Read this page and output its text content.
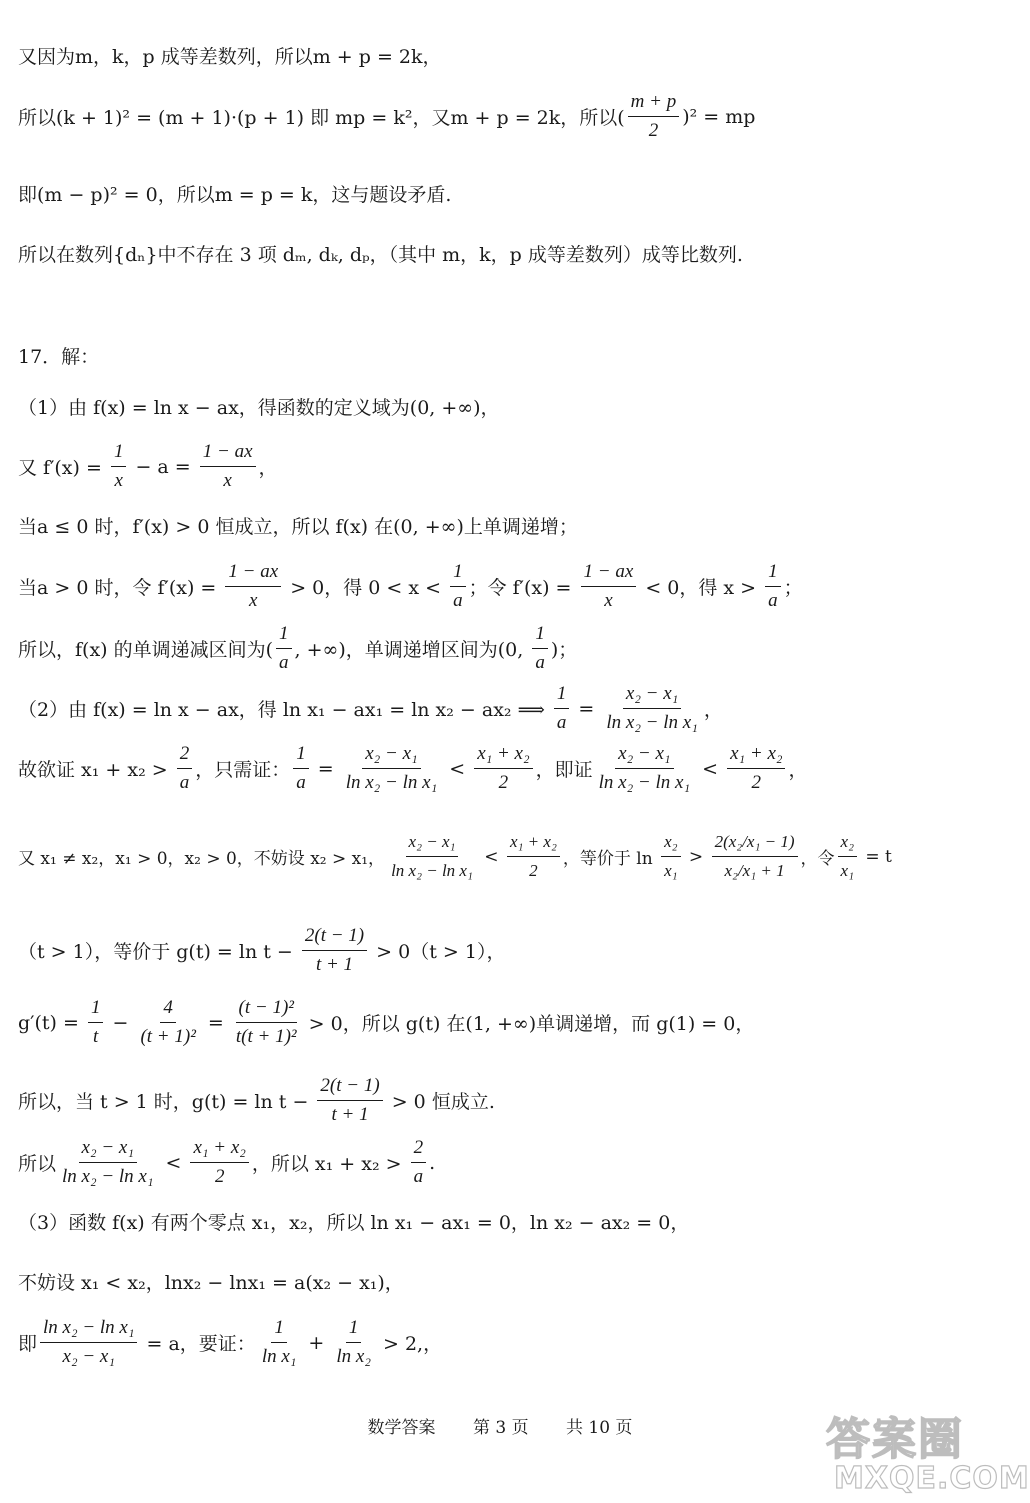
又因为m，k，p 成等差数列，所以m + p = 2k，
所以(k + 1)² = (m + 1)·(p + 1) 即 mp = k²，又m + p = 2k，所以( $\frac{m + p}{2} )^2$ = mp
即(m − p)² = 0，所以m = p = k，这与题设矛盾.
所以在数列{dₙ}中不存在 3 项 dₘ, dₖ, dₚ，（其中 m，k，p 成等差数列）成等比数列.
17．解：
（1）由 f(x) = ln x − ax，得函数的定义域为(0, +∞)，
又 $f'(x) = \frac{1}{x} - a = \frac{1 - ax}{x}$ ，
当a ≤ 0 时，f′(x) > 0 恒成立，所以 f(x) 在(0, +∞)上单调递增；
当a > 0 时，令 $f'(x) = \frac{1 - ax}{x} > 0$，得 $0 < x < \frac{1}{a}$ ；令 $f'(x) = \frac{1 - ax}{x} < 0$，得 $x > \frac{1}{a}$ ；
所以，f(x) 的单调递减区间为( $\frac{1}{a}$ , +∞)，单调递增区间为(0, $\frac{1}{a}$ )；
（2）由 f(x) = ln x − ax，得 ln x₁ − ax₁ = ln x₂ − ax₂ ⟹ $\frac{1}{a} = \frac{\text{x₂ − x₁}}{\text{ln x₂ − ln x₁}}$ ，
故欲证 $x_1 + x_2 > \frac{2}{a}$ ，只需证： $\frac{1}{a} = \frac{\text{x₂ − x₁}}{\text{ln x₂ − ln x₁}} < \frac{\text{x₁ + x₂}}{2}$ ，即证 $\frac{\text{x₂ − x₁}}{\text{ln x₂ − ln x₁}} < \frac{\text{x₁ + x₂}}{2}$ ，
又 x₁ ≠ x₂，x₁ > 0，x₂ > 0，不妨设 x₂ > x₁， $\frac{\text{x₂ − x₁}}{\text{ln x₂ − ln x₁}} < \frac{\text{x₁ + x₂}}{2}$ ，等价于 $\ln \frac{\text{x₂}}{\text{x₁}} > \frac{\text{2(x₂/x₁ − 1)}}{\text{x₂/x₁ + 1}}$ ，令 $\frac{\text{x₂}}{\text{x₁}} = t$
（t > 1），等价于 $g(t) = \ln t - \frac{2(t - 1)}{t + 1} > 0(t > 1)$，
$g'(t) = \frac{1}{t} - \frac{4}{\text{(t + 1)²}} = \frac{\text{(t − 1)²}}{\text{t(t + 1)²}} > 0$，所以 g(t) 在(1, +∞)单调递增，而 g(1) = 0，
所以，当 t > 1 时，$g(t) = \ln t - \frac{2(t - 1)}{t + 1} > 0$ 恒成立.
所以 $\frac{\text{x₂ − x₁}}{\text{ln x₂ − ln x₁}} < \frac{\text{x₁ + x₂}}{2}$ ，所以 $x_1 + x_2 > \frac{2}{a}$ .
（3）函数 f(x) 有两个零点 x₁，x₂，所以 ln x₁ − ax₁ = 0，ln x₂ − ax₂ = 0，
不妨设 x₁ < x₂，lnx₂ − lnx₁ = a(x₂ − x₁)，
即 $\frac{\text{ln x₂ − ln x₁}}{\text{x₂ − x₁}} = a$，要证： $\frac{1}{\text{ln x₁}} + \frac{1}{\text{ln x₂}} > 2$,，
数学答案 第 3 页 共 10 页	答案圈
MXQE.COM
